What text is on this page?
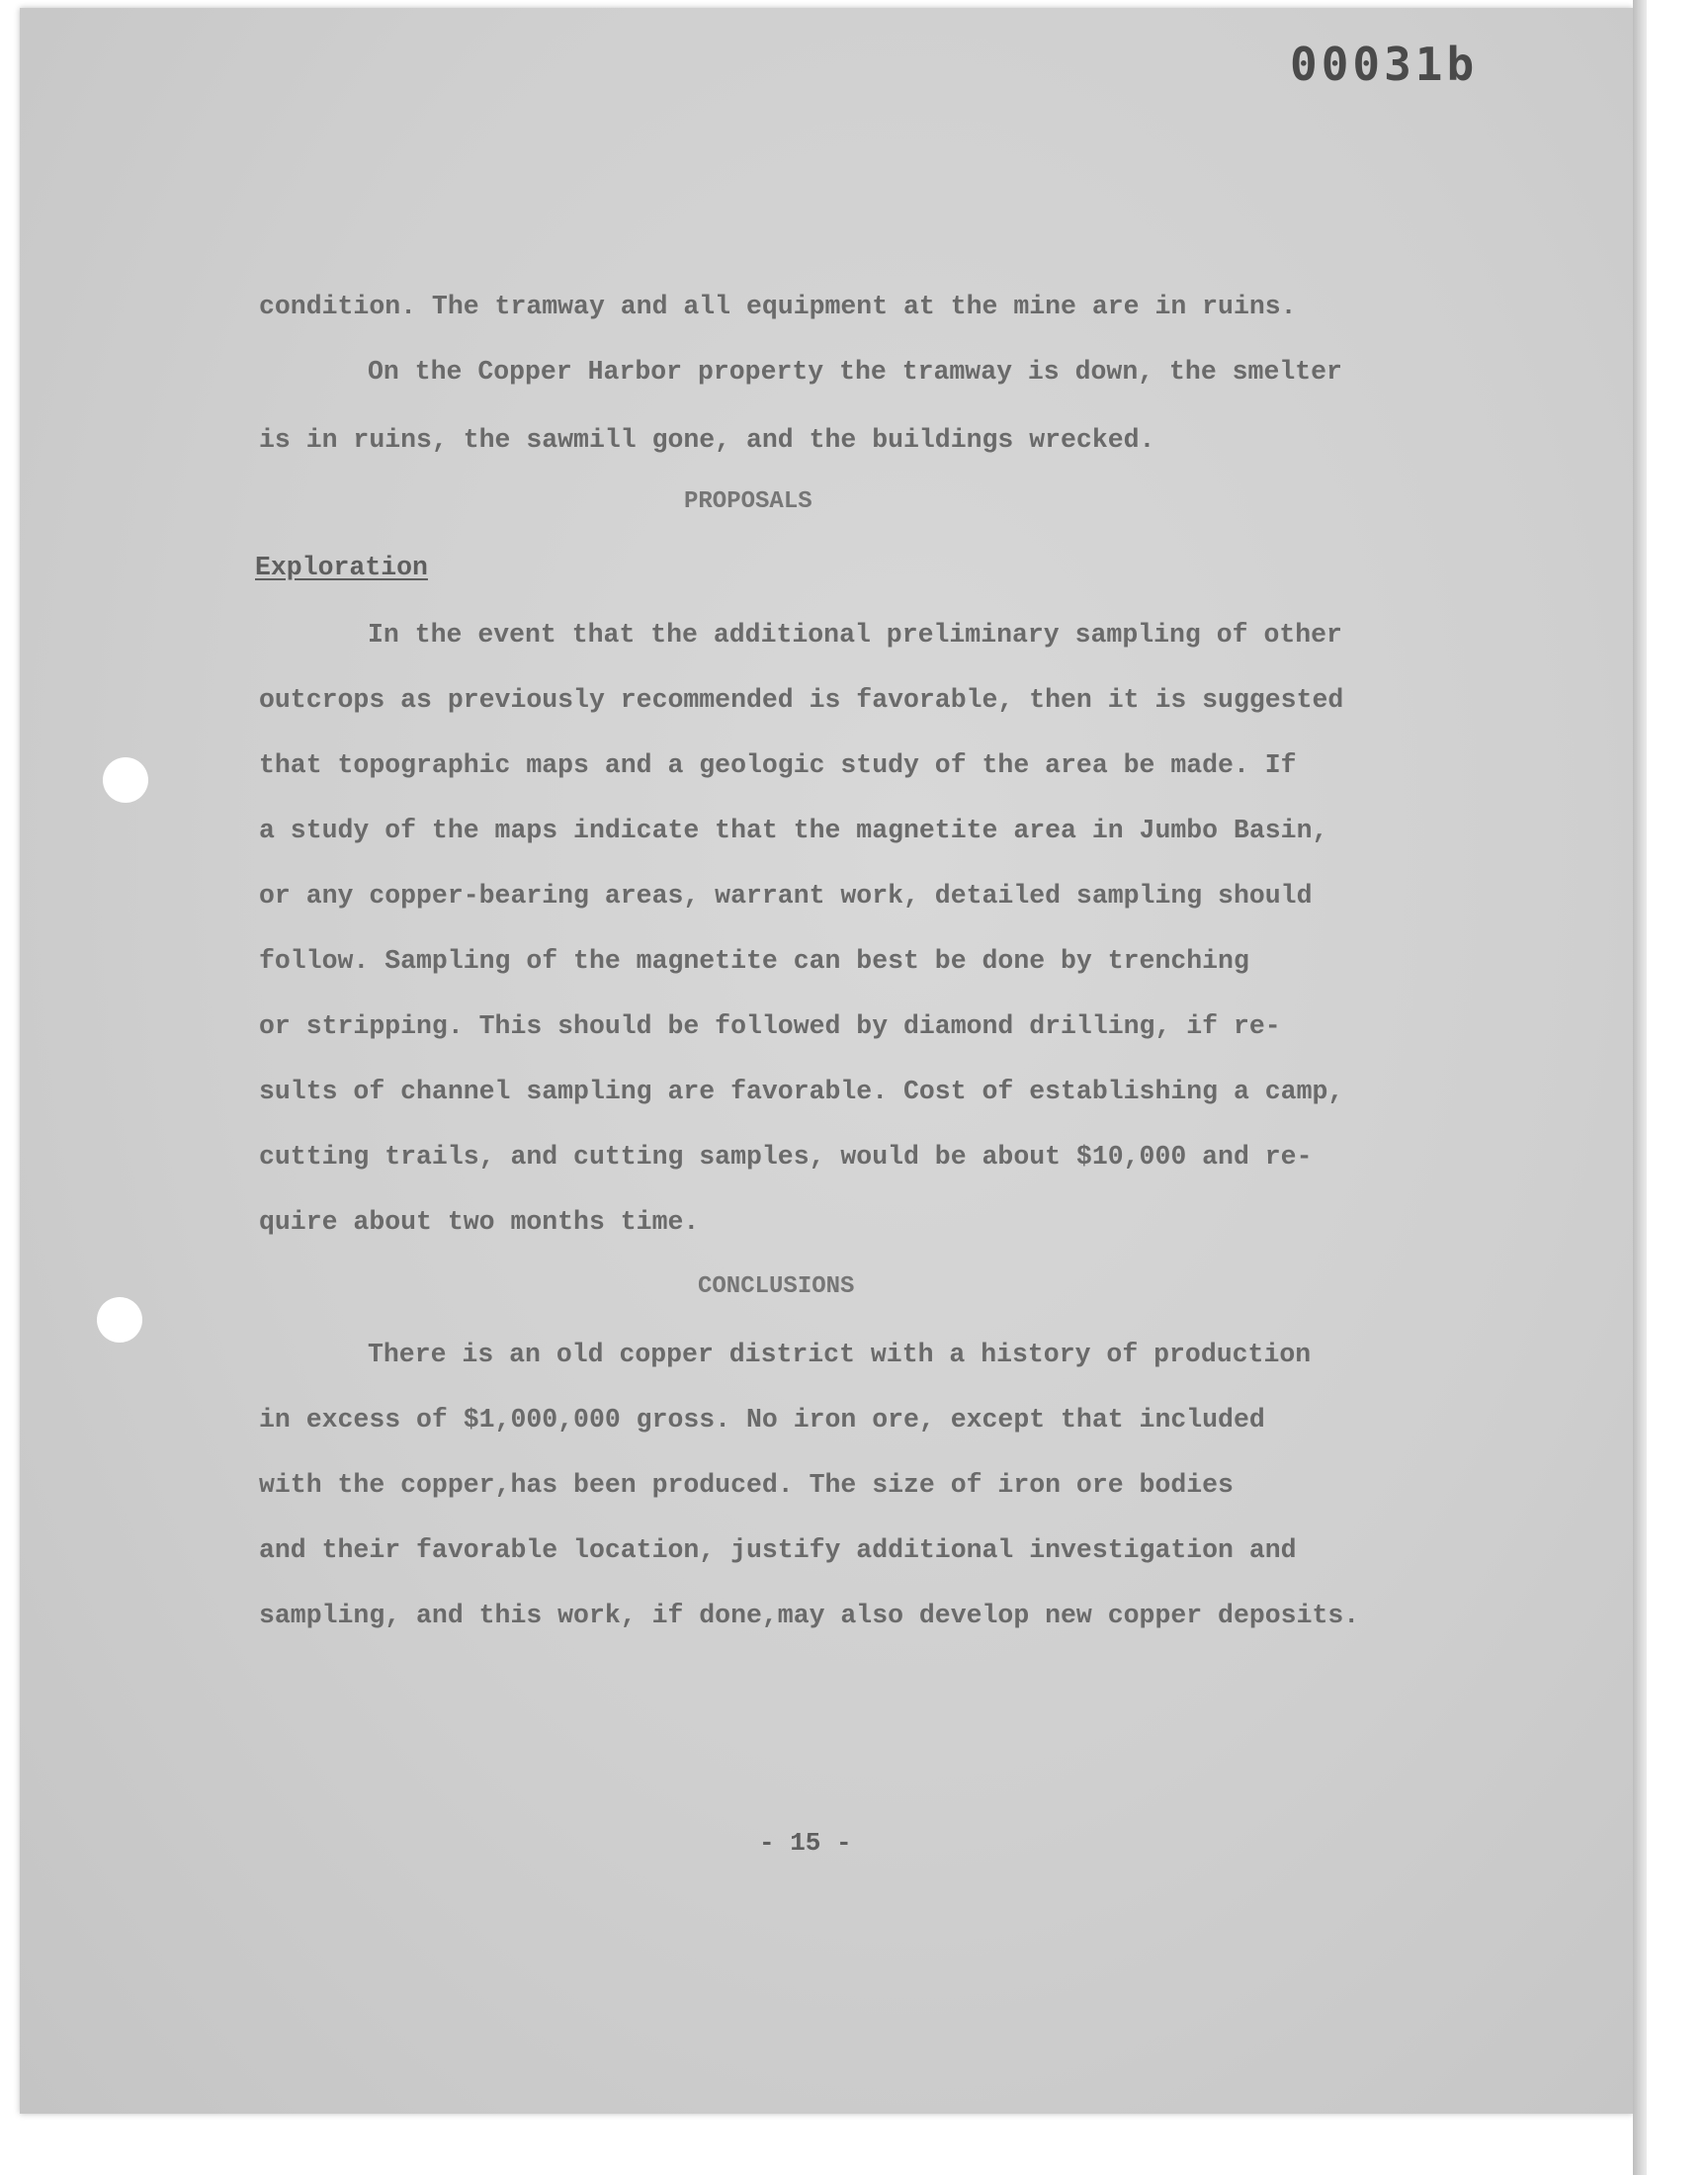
00031b
condition. The tramway and all equipment at the mine are in ruins.
On the Copper Harbor property the tramway is down, the smelter
is in ruins, the sawmill gone, and the buildings wrecked.
PROPOSALS
Exploration
In the event that the additional preliminary sampling of other
outcrops as previously recommended is favorable, then it is suggested
that topographic maps and a geologic study of the area be made. If
a study of the maps indicate that the magnetite area in Jumbo Basin,
or any copper-bearing areas, warrant work, detailed sampling should
follow. Sampling of the magnetite can best be done by trenching
or stripping. This should be followed by diamond drilling, if re-
sults of channel sampling are favorable. Cost of establishing a camp,
cutting trails, and cutting samples, would be about $10,000 and re-
quire about two months time.
CONCLUSIONS
There is an old copper district with a history of production
in excess of $1,000,000 gross. No iron ore, except that included
with the copper,has been produced. The size of iron ore bodies
and their favorable location, justify additional investigation and
sampling, and this work, if done,may also develop new copper deposits.
- 15 -
